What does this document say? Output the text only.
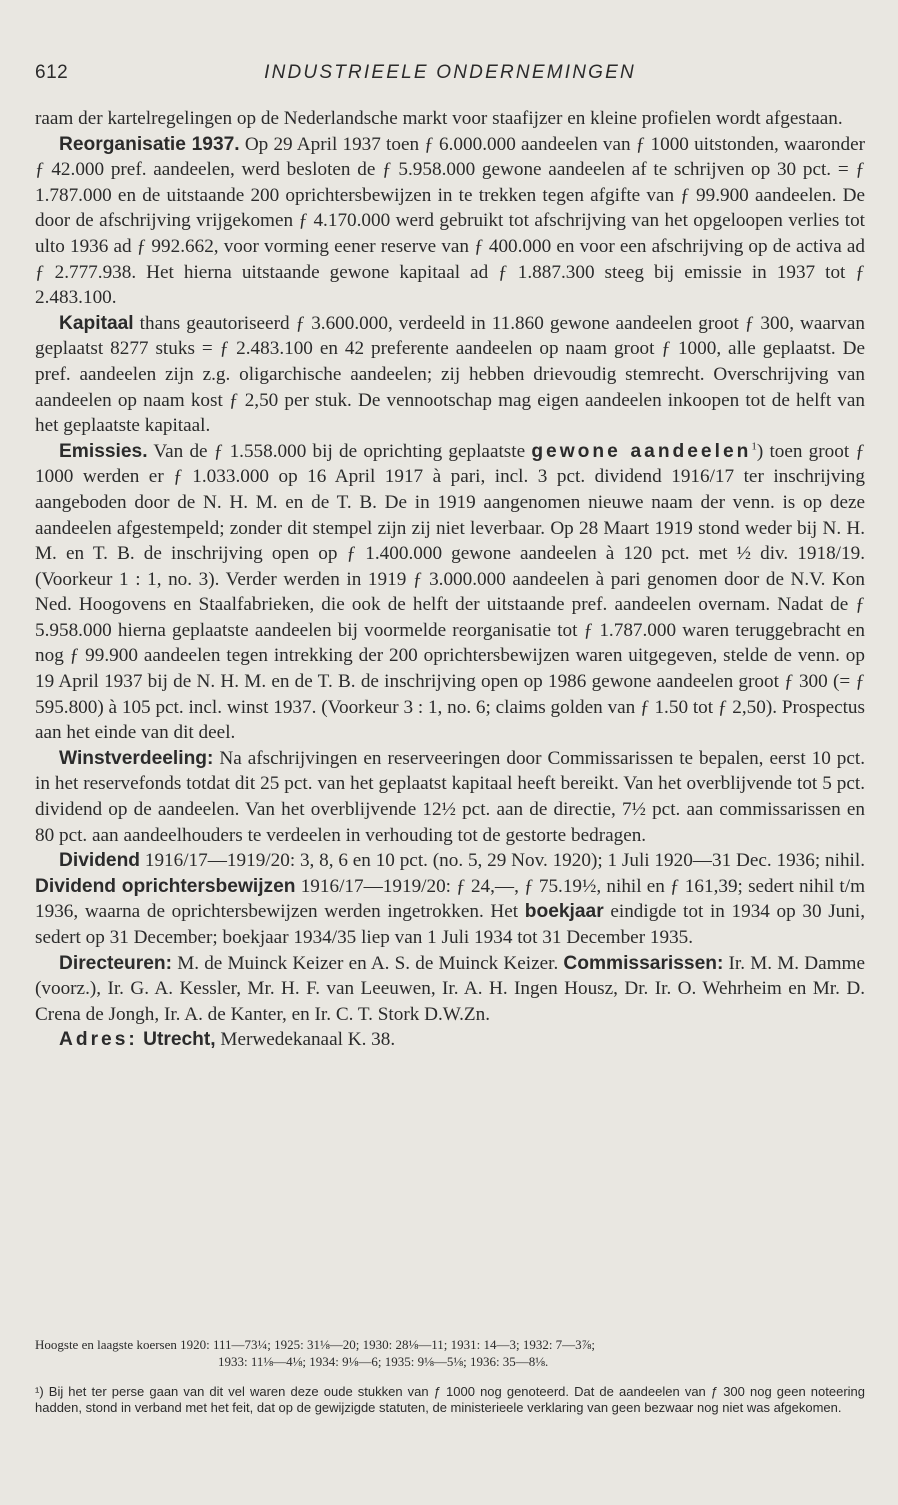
612	INDUSTRIEELE ONDERNEMINGEN

raam der kartelregelingen op de Nederlandsche markt voor staafijzer en kleine profielen wordt afgestaan.

Reorganisatie 1937. Op 29 April 1937 toen ƒ 6.000.000 aandeelen van ƒ 1000 uitstonden, waaronder ƒ 42.000 pref. aandeelen, werd besloten de ƒ 5.958.000 gewone aandeelen af te schrijven op 30 pct. = ƒ 1.787.000 en de uitstaande 200 oprichtersbewijzen in te trekken tegen afgifte van ƒ 99.900 aandeelen. De door de afschrijving vrijgekomen ƒ 4.170.000 werd gebruikt tot afschrijving van het opgeloopen verlies tot ulto 1936 ad ƒ 992.662, voor vorming eener reserve van ƒ 400.000 en voor een afschrijving op de activa ad ƒ 2.777.938. Het hierna uitstaande gewone kapitaal ad ƒ 1.887.300 steeg bij emissie in 1937 tot ƒ 2.483.100.

Kapitaal thans geautoriseerd ƒ 3.600.000, verdeeld in 11.860 gewone aandeelen groot ƒ 300, waarvan geplaatst 8277 stuks = ƒ 2.483.100 en 42 preferente aandeelen op naam groot ƒ 1000, alle geplaatst. De pref. aandeelen zijn z.g. oligarchische aandeelen; zij hebben drievoudig stemrecht. Overschrijving van aandeelen op naam kost ƒ 2,50 per stuk. De vennootschap mag eigen aandeelen inkoopen tot de helft van het geplaatste kapitaal.

Emissies. Van de ƒ 1.558.000 bij de oprichting geplaatste gewone aandeelen$^1$) toen groot ƒ 1000 werden er ƒ 1.033.000 op 16 April 1917 à pari, incl. 3 pct. dividend 1916/17 ter inschrijving aangeboden door de N. H. M. en de T. B. De in 1919 aangenomen nieuwe naam der venn. is op deze aandeelen afgestempeld; zonder dit stempel zijn zij niet leverbaar. Op 28 Maart 1919 stond weder bij N. H. M. en T. B. de inschrijving open op ƒ 1.400.000 gewone aandeelen à 120 pct. met ½ div. 1918/19. (Voorkeur 1 : 1, no. 3). Verder werden in 1919 ƒ 3.000.000 aandeelen à pari genomen door de N.V. Kon Ned. Hoogovens en Staalfabrieken, die ook de helft der uitstaande pref. aandeelen overnam. Nadat de ƒ 5.958.000 hierna geplaatste aandeelen bij voormelde reorganisatie tot ƒ 1.787.000 waren teruggebracht en nog ƒ 99.900 aandeelen tegen intrekking der 200 oprichtersbewijzen waren uitgegeven, stelde de venn. op 19 April 1937 bij de N. H. M. en de T. B. de inschrijving open op 1986 gewone aandeelen groot ƒ 300 (= ƒ 595.800) à 105 pct. incl. winst 1937. (Voorkeur 3 : 1, no. 6; claims golden van ƒ 1.50 tot ƒ 2,50). Prospectus aan het einde van dit deel.

Winstverdeeling: Na afschrijvingen en reserveeringen door Commissarissen te bepalen, eerst 10 pct. in het reservefonds totdat dit 25 pct. van het geplaatst kapitaal heeft bereikt. Van het overblijvende tot 5 pct. dividend op de aandeelen. Van het overblijvende 12½ pct. aan de directie, 7½ pct. aan commissarissen en 80 pct. aan aandeelhouders te verdeelen in verhouding tot de gestorte bedragen.

Dividend 1916/17—1919/20: 3, 8, 6 en 10 pct. (no. 5, 29 Nov. 1920); 1 Juli 1920—31 Dec. 1936; nihil. Dividend oprichtersbewijzen 1916/17—1919/20: ƒ 24,—, ƒ 75.19½, nihil en ƒ 161,39; sedert nihil t/m 1936, waarna de oprichtersbewijzen werden ingetrokken. Het boekjaar eindigde tot in 1934 op 30 Juni, sedert op 31 December; boekjaar 1934/35 liep van 1 Juli 1934 tot 31 December 1935.

Directeuren: M. de Muinck Keizer en A. S. de Muinck Keizer. Commissarissen: Ir. M. M. Damme (voorz.), Ir. G. A. Kessler, Mr. H. F. van Leeuwen, Ir. A. H. Ingen Housz, Dr. Ir. O. Wehrheim en Mr. D. Crena de Jongh, Ir. A. de Kanter, en Ir. C. T. Stork D.W.Zn.

Adres: Utrecht, Merwedekanaal K. 38.

Hoogste en laagste koersen 1920: 111—73¼; 1925: 31⅛—20; 1930: 28⅛—11; 1931: 14—3; 1932: 7—3⅞;
1933: 11⅛—4⅛; 1934: 9⅛—6; 1935: 9⅛—5⅛; 1936: 35—8⅛.

¹) Bij het ter perse gaan van dit vel waren deze oude stukken van ƒ 1000 nog genoteerd. Dat de aandeelen van ƒ 300 nog geen noteering hadden, stond in verband met het feit, dat op de gewijzigde statuten, de ministerieele verklaring van geen bezwaar nog niet was afgekomen.
